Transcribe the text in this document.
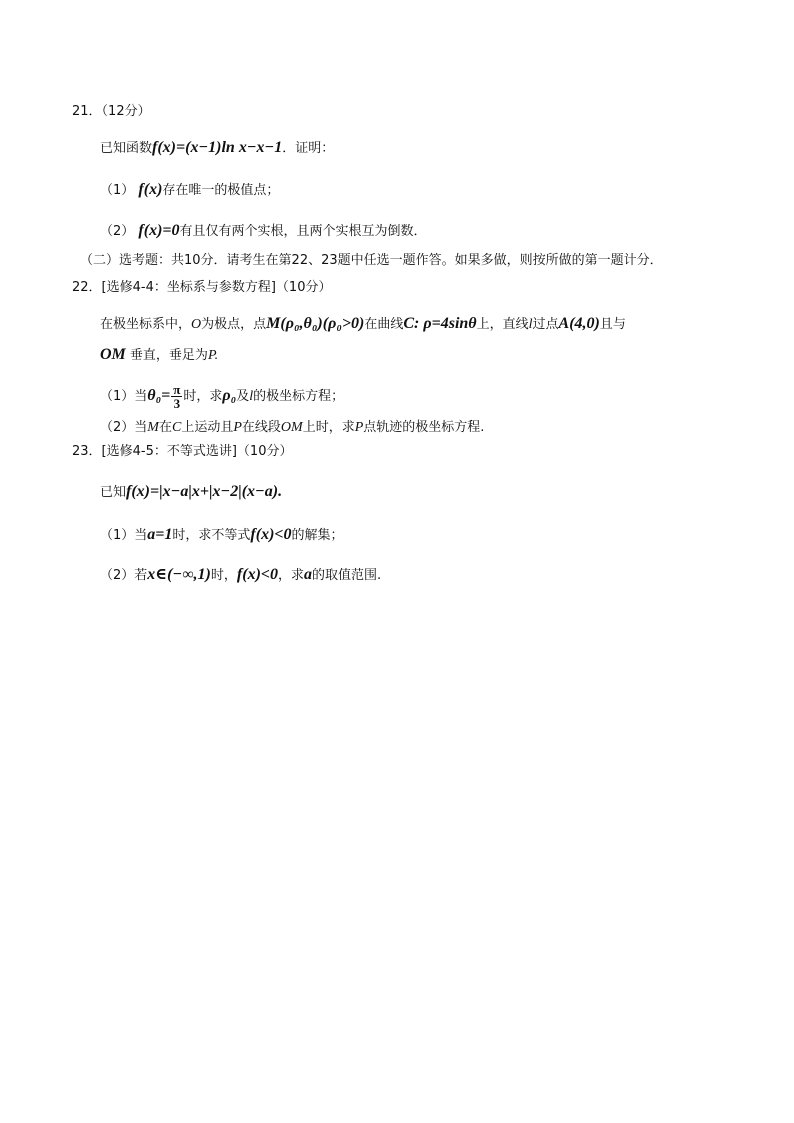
21．（12分）
已知函数f(x)=(x−1)ln x−x−1．证明：
（1） f(x)存在唯一的极值点；
（2） f(x)=0有且仅有两个实根，且两个实根互为倒数．
（二）选考题：共10分．请考生在第22、23题中任选一题作答。如果多做，则按所做的第一题计分．
22．[选修4-4：坐标系与参数方程]（10分）
在极坐标系中，O为极点，点M(ρ₀,θ₀)(ρ₀>0)在曲线C: ρ=4sinθ上，直线l过点A(4,0)且与
OM 垂直，垂足为P.
（1）当$\theta_0= \frac{\pi}{3}$ 时，求ρ₀及l的极坐标方程；
（2）当M在C上运动且P在线段OM上时，求P点轨迹的极坐标方程.
23．[选修4-5：不等式选讲]（10分）
已知f(x)=|x−a|x+|x−2|(x−a).
（1）当a=1时，求不等式f(x)<0的解集；
（2）若x∈(−∞,1)时，f(x)<0，求a的取值范围.
